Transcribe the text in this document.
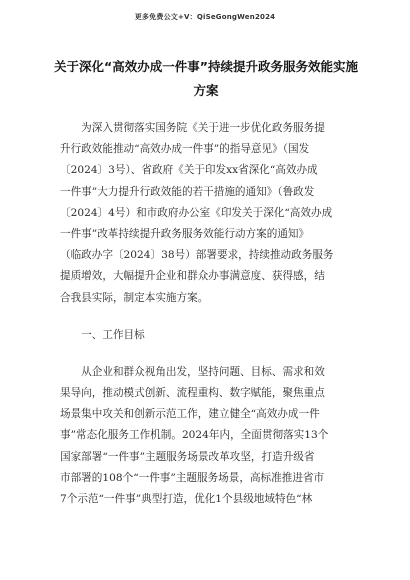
更多免费公文+V：QiSeGongWen2024
关于深化“高效办成一件事”持续提升政务服务效能实施
方案
　　为深入贯彻落实国务院《关于进一步优化政务服务提
升行政效能推动“高效办成一件事”的指导意见》（国发
〔2024〕3号）、省政府《关于印发xx省深化“高效办成
一件事”大力提升行政效能的若干措施的通知》（鲁政发
〔2024〕4号）和市政府办公室《印发关于深化“高效办成
一件事”改革持续提升政务服务效能行动方案的通知》
（临政办字〔2024〕38号）部署要求，持续推动政务服务
提质增效，大幅提升企业和群众办事满意度、获得感，结
合我县实际，制定本实施方案。
　　一、工作目标
　　从企业和群众视角出发，坚持问题、目标、需求和效
果导向，推动模式创新、流程重构、数字赋能，聚焦重点
场景集中攻关和创新示范工作，建立健全“高效办成一件
事”常态化服务工作机制。2024年内，全面贯彻落实13个
国家部署“一件事”主题服务场景改革攻坚，打造升级省
市部署的108个“一件事”主题服务场景，高标准推进省市
7个示范“一件事”典型打造，优化1个县级地域特色“林
